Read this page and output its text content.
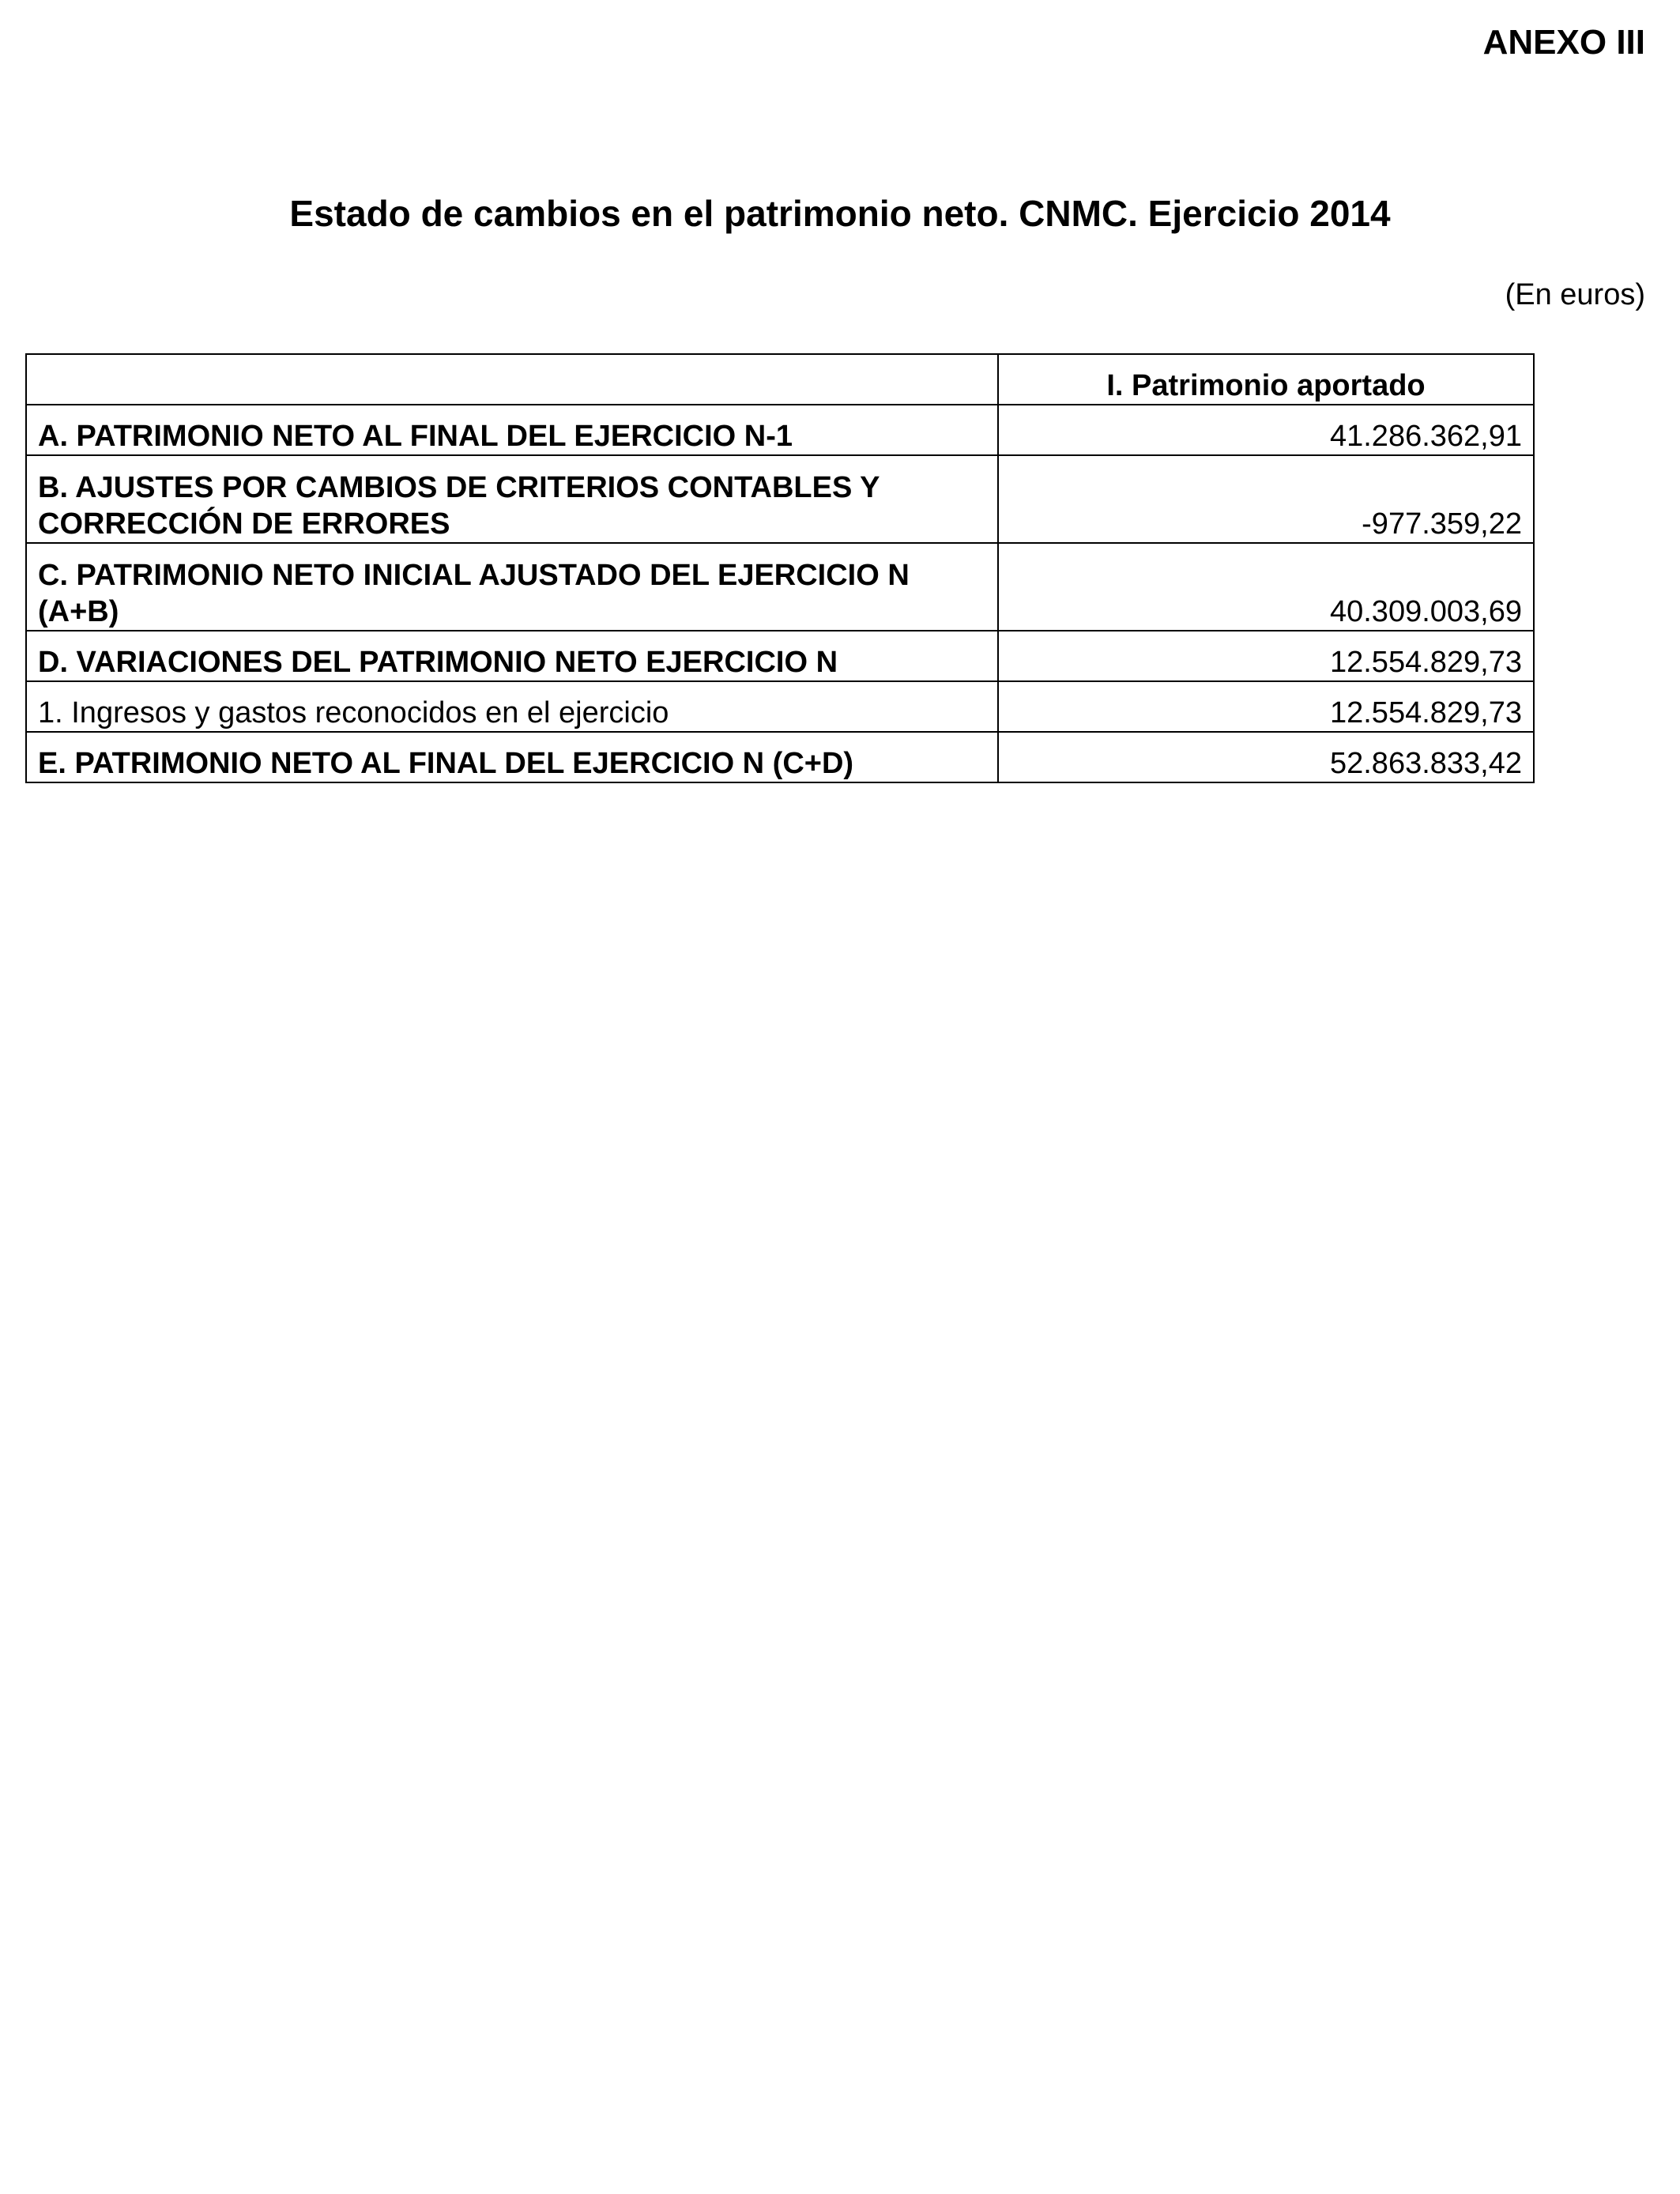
ANEXO III
Estado de cambios en el patrimonio neto. CNMC. Ejercicio 2014
(En euros)
	I. Patrimonio aportado
A. PATRIMONIO NETO AL FINAL DEL EJERCICIO N-1	41.286.362,91
B. AJUSTES POR CAMBIOS DE CRITERIOS CONTABLES Y CORRECCIÓN DE ERRORES	-977.359,22
C. PATRIMONIO NETO INICIAL AJUSTADO DEL EJERCICIO N (A+B)	40.309.003,69
D. VARIACIONES DEL PATRIMONIO NETO EJERCICIO N	12.554.829,73
1. Ingresos y gastos reconocidos en el ejercicio	12.554.829,73
E. PATRIMONIO NETO AL FINAL DEL EJERCICIO N (C+D)	52.863.833,42
